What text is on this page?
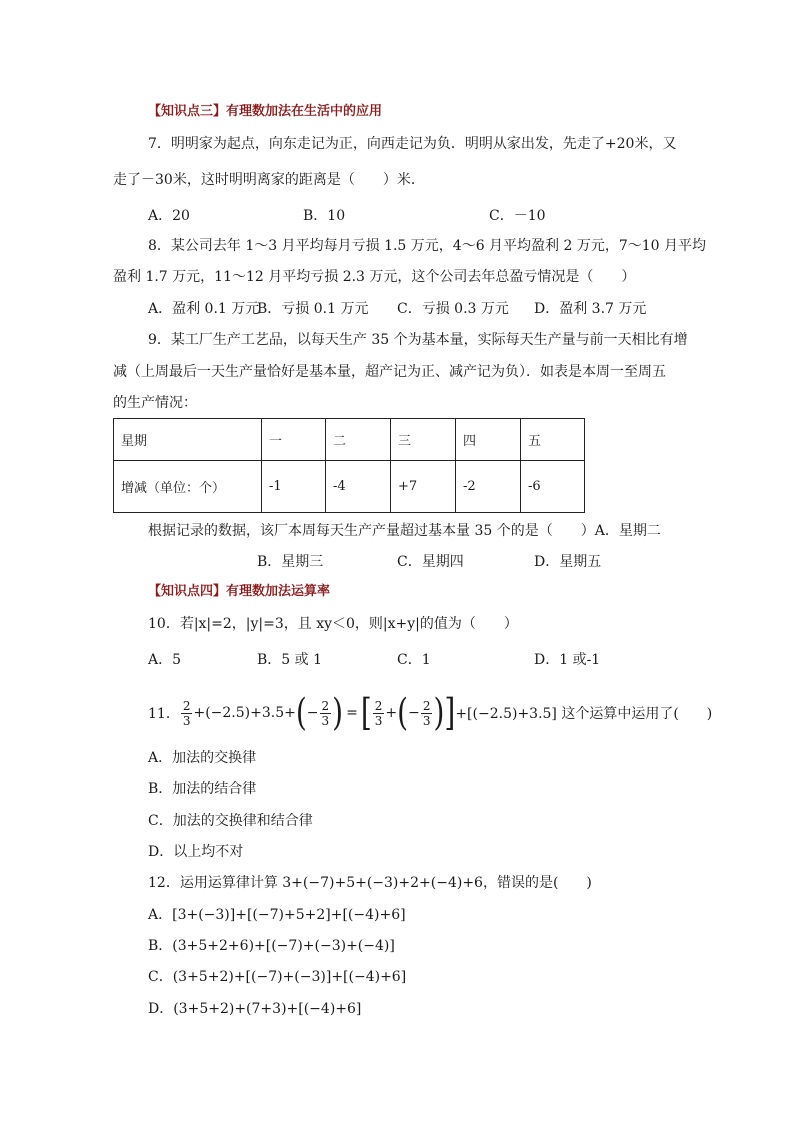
【知识点三】有理数加法在生活中的应用
7．明明家为起点，向东走记为正，向西走记为负．明明从家出发，先走了+20米，又
走了－30米，这时明明离家的距离是（　　）米．
A．20	B．10	C．－10
8．某公司去年 1～3 月平均每月亏损 1.5 万元，4～6 月平均盈利 2 万元，7～10 月平均
盈利 1.7 万元，11～12 月平均亏损 2.3 万元，这个公司去年总盈亏情况是（　　）
A．盈利 0.1 万元
B．亏损 0.1 万元 C．亏损 0.3 万元 D．盈利 3.7 万元
9．某工厂生产工艺品，以每天生产 35 个为基本量，实际每天生产量与前一天相比有增
减（上周最后一天生产量恰好是基本量，超产记为正、减产记为负）．如表是本周一至周五
的生产情况：
星期	一	二	三	四	五
增减（单位：个）	-1	-4	+7	-2	-6
根据记录的数据，该厂本周每天生产产量超过基本量 35 个的是（　　）A．星期二
B．星期三	C．星期四	D．星期五
【知识点四】有理数加法运算率
10．若|x|=2，|y|=3，且 xy＜0，则|x+y|的值为（　　）
A．5	B．5 或 1	C．1	D．1 或-1
11． $\frac{2}{3} +(-2.5)+3.5+$ ( − $\frac{2}{3}$ ) = [ $\frac{2}{3}$ + ( − $\frac{2}{3}$ ) ] +[(−2.5)+3.5] 这个运算中运用了(　　)
A．加法的交换律
B．加法的结合律
C．加法的交换律和结合律
D．以上均不对
12．运用运算律计算 3+(−7)+5+(−3)+2+(−4)+6，错误的是(　　)
A．[3+(−3)]+[(−7)+5+2]+[(−4)+6]
B．(3+5+2+6)+[(−7)+(−3)+(−4)]
C．(3+5+2)+[(−7)+(−3)]+[(−4)+6]
D．(3+5+2)+(7+3)+[(−4)+6]
